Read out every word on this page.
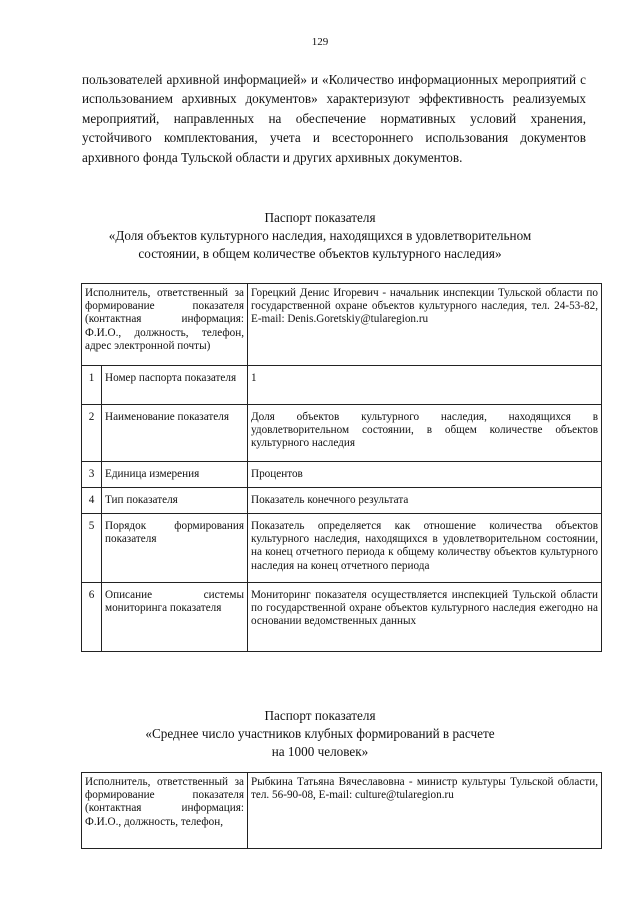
129

пользователей архивной информацией» и «Количество информационных мероприятий с использованием архивных документов» характеризуют эффективность реализуемых мероприятий, направленных на обеспечение нормативных условий хранения, устойчивого комплектования, учета и всестороннего использования документов архивного фонда Тульской области и других архивных документов.

Паспорт показателя
«Доля объектов культурного наследия, находящихся в удовлетворительном
состоянии, в общем количестве объектов культурного наследия»
Исполнитель, ответственный за формирование показателя (контактная информация: Ф.И.О., должность, телефон, адрес электронной почты)		Горецкий Денис Игоревич - начальник инспекции Тульской области по государственной охране объектов культурного наследия, тел. 24-53-82, E-mail: Denis.Goretskiy@tularegion.ru
1	Номер паспорта показателя	1
2	Наименование показателя	Доля объектов культурного наследия, находящихся в удовлетворительном состоянии, в общем количестве объектов культурного наследия
3	Единица измерения	Процентов
4	Тип показателя	Показатель конечного результата
5	Порядок формирования показателя	Показатель определяется как отношение количества объектов культурного наследия, находящихся в удовлетворительном состоянии, на конец отчетного периода к общему количеству объектов культурного наследия на конец отчетного периода
6	Описание системы мониторинга показателя	Мониторинг показателя осуществляется инспекцией Тульской области по государственной охране объектов культурного наследия ежегодно на основании ведомственных данных
Паспорт показателя
«Среднее число участников клубных формирований в расчете
на 1000 человек»
Исполнитель, ответственный за формирование показателя (контактная информация: Ф.И.О., должность, телефон,	Рыбкина Татьяна Вячеславовна - министр культуры Тульской области, тел. 56-90-08, E-mail: culture@tularegion.ru
